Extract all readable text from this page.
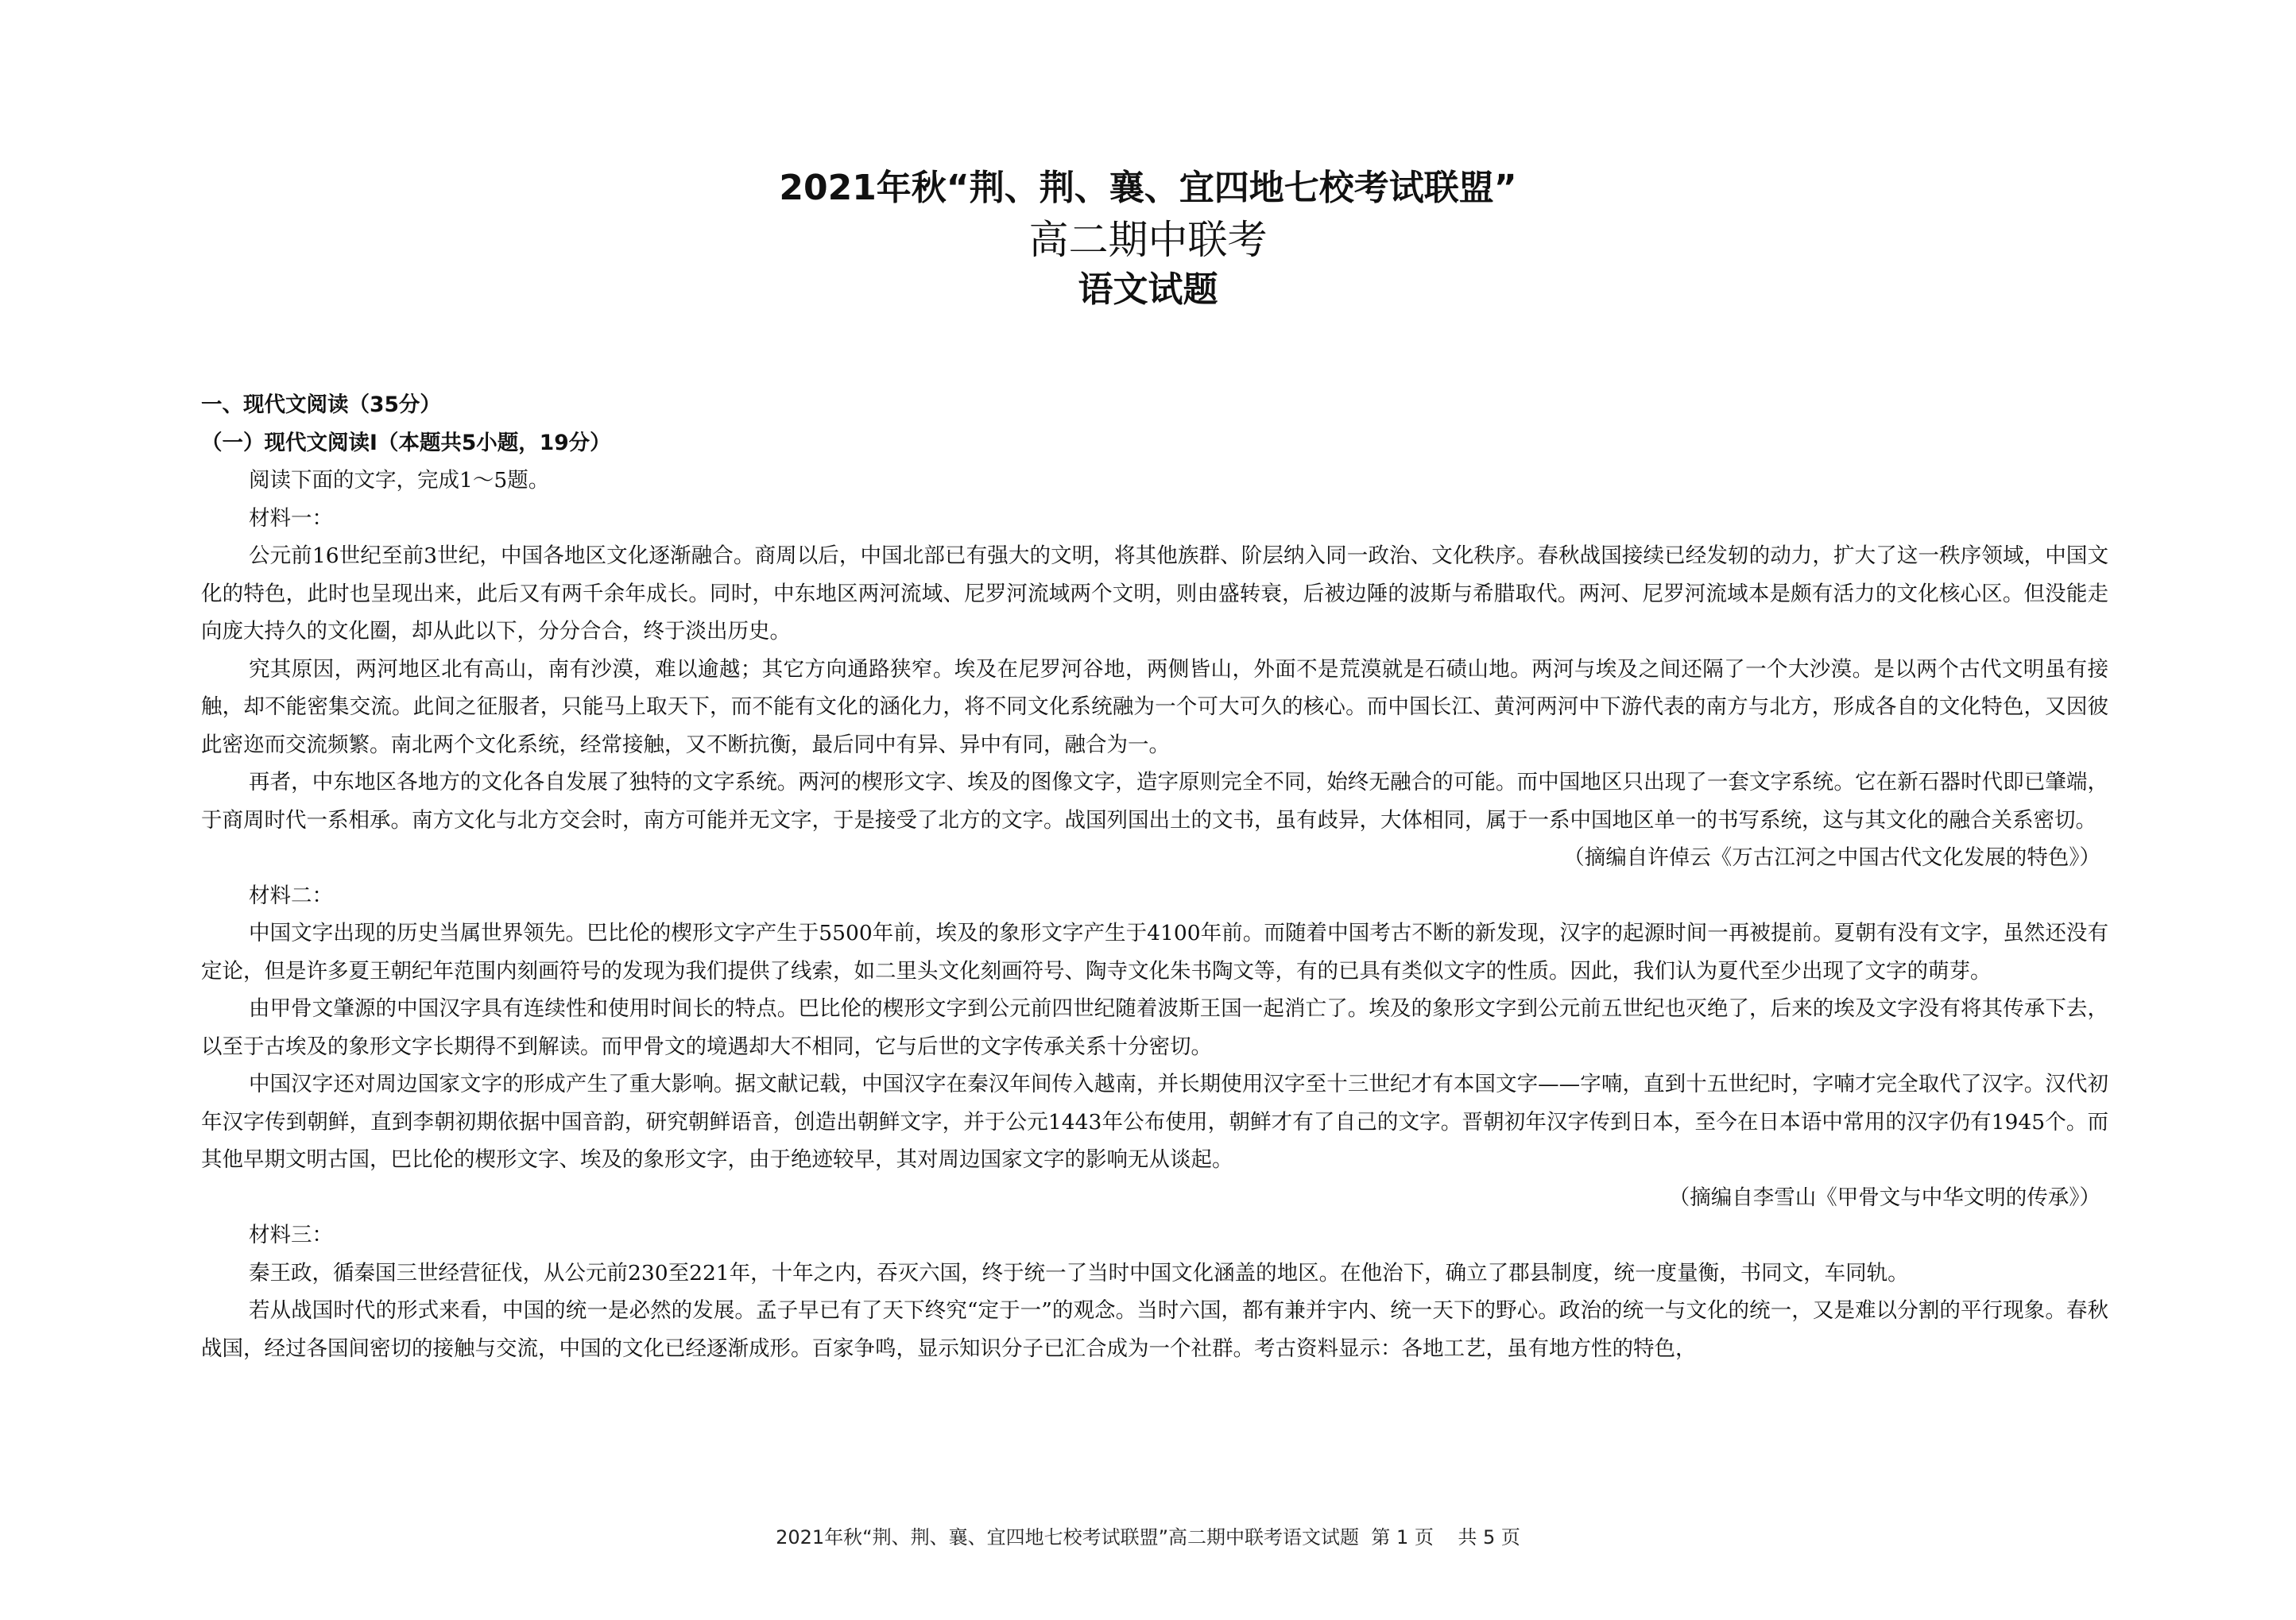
2021年秋“荆、荆、襄、宜四地七校考试联盟”
高二期中联考
语文试题
一、现代文阅读（35分）
（一）现代文阅读Ⅰ（本题共5小题，19分）
阅读下面的文字，完成1～5题。
材料一：

公元前16世纪至前3世纪，中国各地区文化逐渐融合。商周以后，中国北部已有强大的文明，将其他族群、阶层纳入同一政治、文化秩序。春秋战国接续已经发轫的动力，扩大了这一秩序领域，中国文化的特色，此时也呈现出来，此后又有两千余年成长。同时，中东地区两河流域、尼罗河流域两个文明，则由盛转衰，后被边陲的波斯与希腊取代。两河、尼罗河流域本是颇有活力的文化核心区。但没能走向庞大持久的文化圈，却从此以下，分分合合，终于淡出历史。

究其原因，两河地区北有高山，南有沙漠，难以逾越；其它方向通路狭窄。埃及在尼罗河谷地，两侧皆山，外面不是荒漠就是石碛山地。两河与埃及之间还隔了一个大沙漠。是以两个古代文明虽有接触，却不能密集交流。此间之征服者，只能马上取天下，而不能有文化的涵化力，将不同文化系统融为一个可大可久的核心。而中国长江、黄河两河中下游代表的南方与北方，形成各自的文化特色，又因彼此密迩而交流频繁。南北两个文化系统，经常接触，又不断抗衡，最后同中有异、异中有同，融合为一。

再者，中东地区各地方的文化各自发展了独特的文字系统。两河的楔形文字、埃及的图像文字，造字原则完全不同，始终无融合的可能。而中国地区只出现了一套文字系统。它在新石器时代即已肇端，于商周时代一系相承。南方文化与北方交会时，南方可能并无文字，于是接受了北方的文字。战国列国出土的文书，虽有歧异，大体相同，属于一系中国地区单一的书写系统，这与其文化的融合关系密切。

（摘编自许倬云《万古江河之中国古代文化发展的特色》）
材料二：

中国文字出现的历史当属世界领先。巴比伦的楔形文字产生于5500年前，埃及的象形文字产生于4100年前。而随着中国考古不断的新发现，汉字的起源时间一再被提前。夏朝有没有文字，虽然还没有定论，但是许多夏王朝纪年范围内刻画符号的发现为我们提供了线索，如二里头文化刻画符号、陶寺文化朱书陶文等，有的已具有类似文字的性质。因此，我们认为夏代至少出现了文字的萌芽。

由甲骨文肇源的中国汉字具有连续性和使用时间长的特点。巴比伦的楔形文字到公元前四世纪随着波斯王国一起消亡了。埃及的象形文字到公元前五世纪也灭绝了，后来的埃及文字没有将其传承下去，以至于古埃及的象形文字长期得不到解读。而甲骨文的境遇却大不相同，它与后世的文字传承关系十分密切。

中国汉字还对周边国家文字的形成产生了重大影响。据文献记载，中国汉字在秦汉年间传入越南，并长期使用汉字至十三世纪才有本国文字——字喃，直到十五世纪时，字喃才完全取代了汉字。汉代初年汉字传到朝鲜，直到李朝初期依据中国音韵，研究朝鲜语音，创造出朝鲜文字，并于公元1443年公布使用，朝鲜才有了自己的文字。晋朝初年汉字传到日本，至今在日本语中常用的汉字仍有1945个。而其他早期文明古国，巴比伦的楔形文字、埃及的象形文字，由于绝迹较早，其对周边国家文字的影响无从谈起。

（摘编自李雪山《甲骨文与中华文明的传承》）
材料三：

秦王政，循秦国三世经营征伐，从公元前230至221年，十年之内，吞灭六国，终于统一了当时中国文化涵盖的地区。在他治下，确立了郡县制度，统一度量衡，书同文，车同轨。

若从战国时代的形式来看，中国的统一是必然的发展。孟子早已有了天下终究“定于一”的观念。当时六国，都有兼并宇内、统一天下的野心。政治的统一与文化的统一，又是难以分割的平行现象。春秋战国，经过各国间密切的接触与交流，中国的文化已经逐渐成形。百家争鸣，显示知识分子已汇合成为一个社群。考古资料显示：各地工艺，虽有地方性的特色，

2021年秋“荆、荆、襄、宜四地七校考试联盟”高二期中联考语文试题  第 1 页    共 5 页
